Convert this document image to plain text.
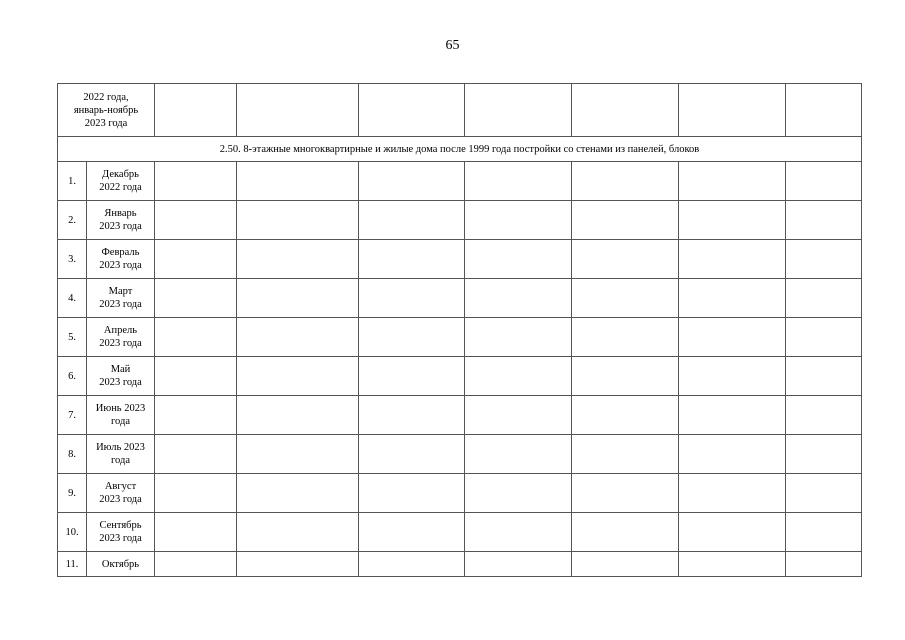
65
2022 года,
январь-ноябрь
2023 года								

2.50. 8-этажные многоквартирные и жилые дома после 1999 года постройки со стенами из панелей, блоков								
1.	Декабрь
2022 года							

2.	Январь
2023 года							

3.	Февраль
2023 года							

4.	Март
2023 года							

5.	Апрель
2023 года							

6.	Май
2023 года							

7.	Июнь 2023
года							

8.	Июль 2023
года							

9.	Август
2023 года							

10.	Сентябрь
2023 года							

11.	Октябрь							
